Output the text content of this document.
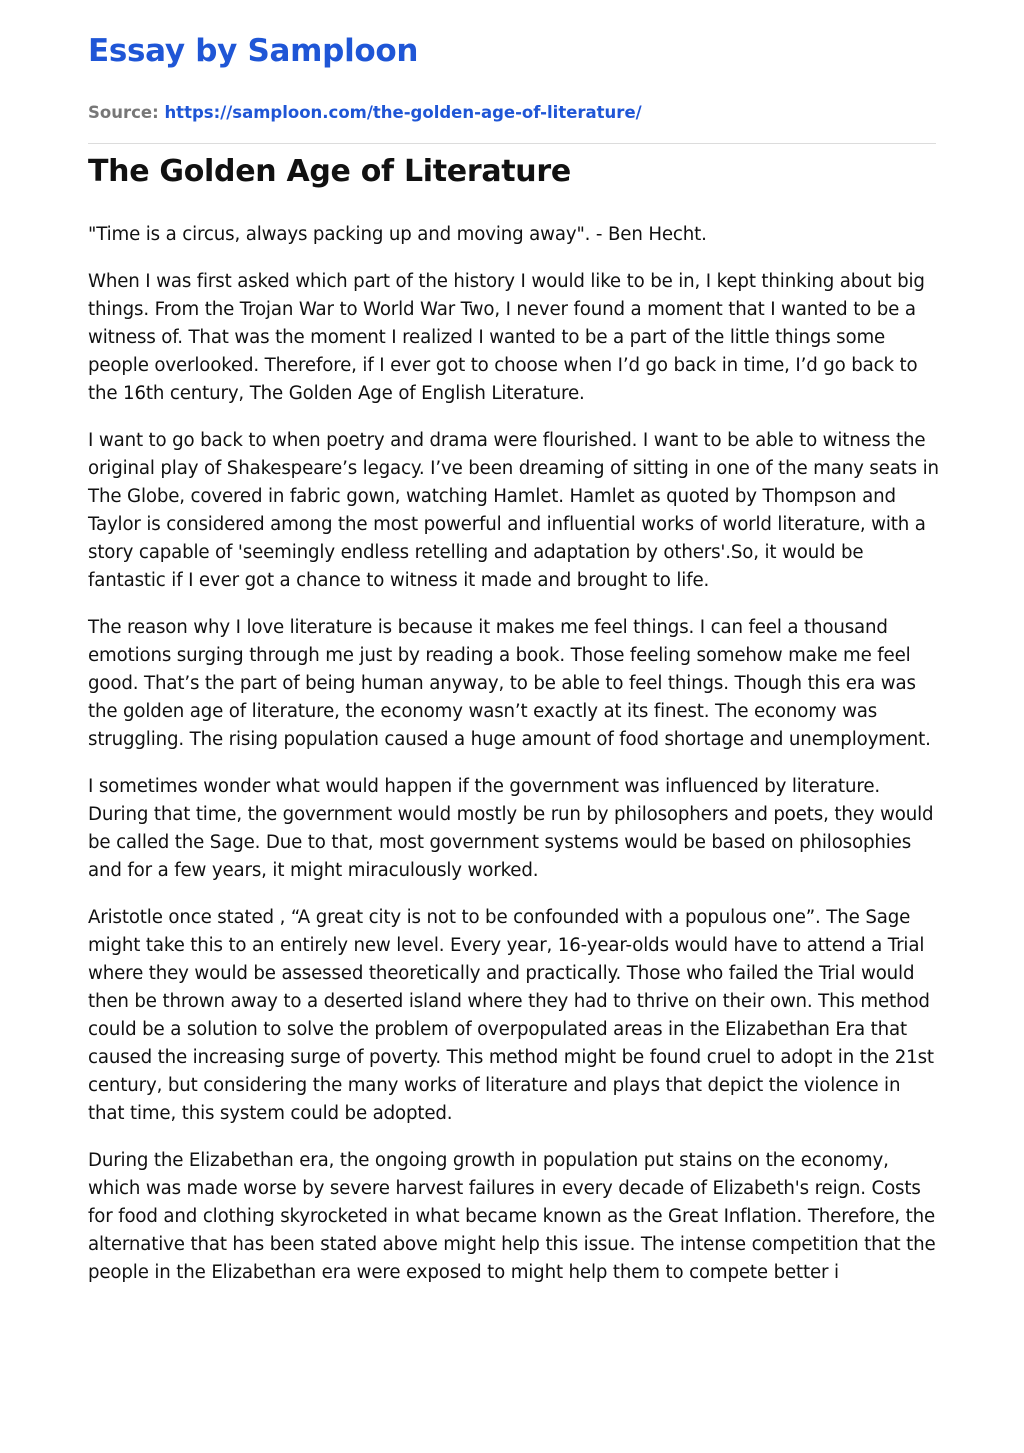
Essay by Samploon
Source: https://samploon.com/the-golden-age-of-literature/
The Golden Age of Literature

"Time is a circus, always packing up and moving away". - Ben Hecht.

When I was first asked which part of the history I would like to be in, I kept thinking about big things. From the Trojan War to World War Two, I never found a moment that I wanted to be a witness of. That was the moment I realized I wanted to be a part of the little things some people overlooked. Therefore, if I ever got to choose when I’d go back in time, I’d go back to the 16th century, The Golden Age of English Literature.

I want to go back to when poetry and drama were flourished. I want to be able to witness the original play of Shakespeare’s legacy. I’ve been dreaming of sitting in one of the many seats in The Globe, covered in fabric gown, watching Hamlet. Hamlet as quoted by Thompson and Taylor is considered among the most powerful and influential works of world literature, with a story capable of 'seemingly endless retelling and adaptation by others'.So, it would be fantastic if I ever got a chance to witness it made and brought to life.

The reason why I love literature is because it makes me feel things. I can feel a thousand emotions surging through me just by reading a book. Those feeling somehow make me feel good. That’s the part of being human anyway, to be able to feel things. Though this era was the golden age of literature, the economy wasn’t exactly at its finest. The economy was struggling. The rising population caused a huge amount of food shortage and unemployment.

I sometimes wonder what would happen if the government was influenced by literature. During that time, the government would mostly be run by philosophers and poets, they would be called the Sage. Due to that, most government systems would be based on philosophies and for a few years, it might miraculously worked.

Aristotle once stated , “A great city is not to be confounded with a populous one”. The Sage might take this to an entirely new level. Every year, 16-year-olds would have to attend a Trial where they would be assessed theoretically and practically. Those who failed the Trial would then be thrown away to a deserted island where they had to thrive on their own. This method could be a solution to solve the problem of overpopulated areas in the Elizabethan Era that caused the increasing surge of poverty. This method might be found cruel to adopt in the 21st century, but considering the many works of literature and plays that depict the violence in that time, this system could be adopted.

During the Elizabethan era, the ongoing growth in population put stains on the economy, which was made worse by severe harvest failures in every decade of Elizabeth's reign. Costs for food and clothing skyrocketed in what became known as the Great Inflation. Therefore, the alternative that has been stated above might help this issue. The intense competition that the people in the Elizabethan era were exposed to might help them to compete better i
